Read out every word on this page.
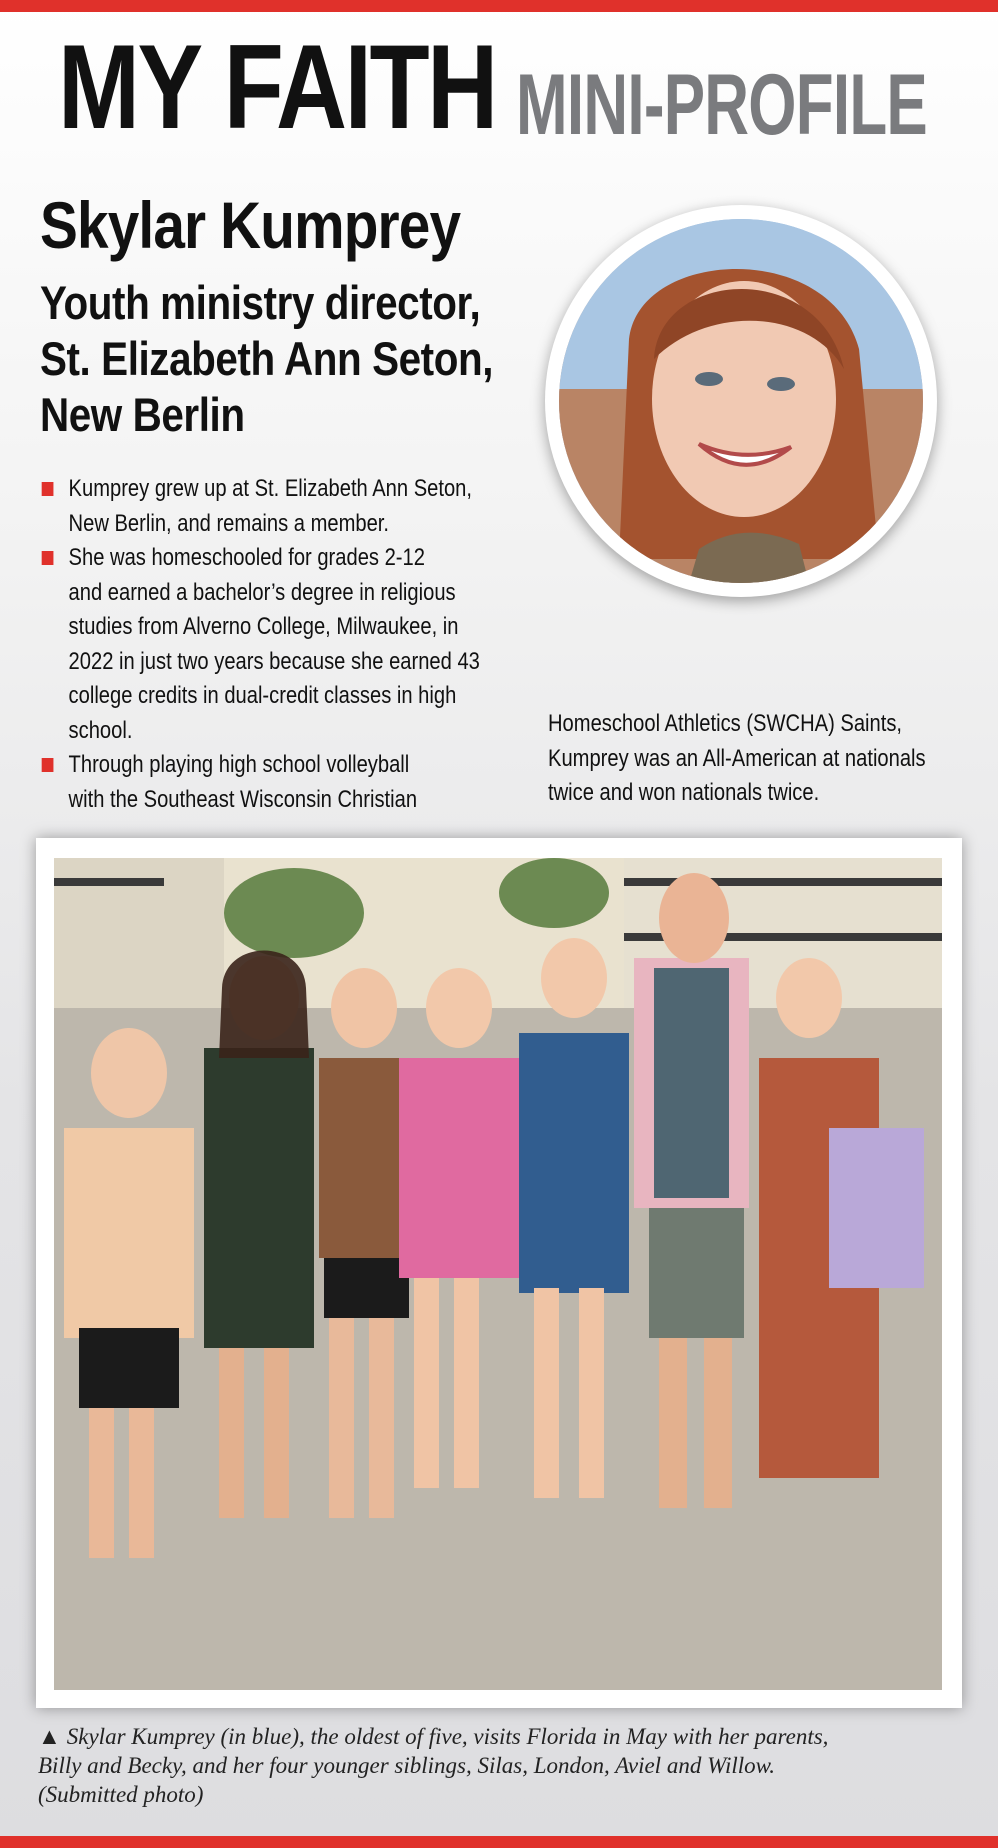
MY FAITH MINI-PROFILE
Skylar Kumprey
Youth ministry director,
St. Elizabeth Ann Seton,
New Berlin
Kumprey grew up at St. Elizabeth Ann Seton,
New Berlin, and remains a member.
She was homeschooled for grades 2-12
and earned a bachelor’s degree in religious
studies from Alverno College, Milwaukee, in
2022 in just two years because she earned 43
college credits in dual-credit classes in high
school.
Through playing high school volleyball
with the Southeast Wisconsin Christian
Homeschool Athletics (SWCHA) Saints,
Kumprey was an All-American at nationals
twice and won nationals twice.
▲ Skylar Kumprey (in blue), the oldest of five, visits Florida in May with her parents,
Billy and Becky, and her four younger siblings, Silas, London, Aviel and Willow.
(Submitted photo)
